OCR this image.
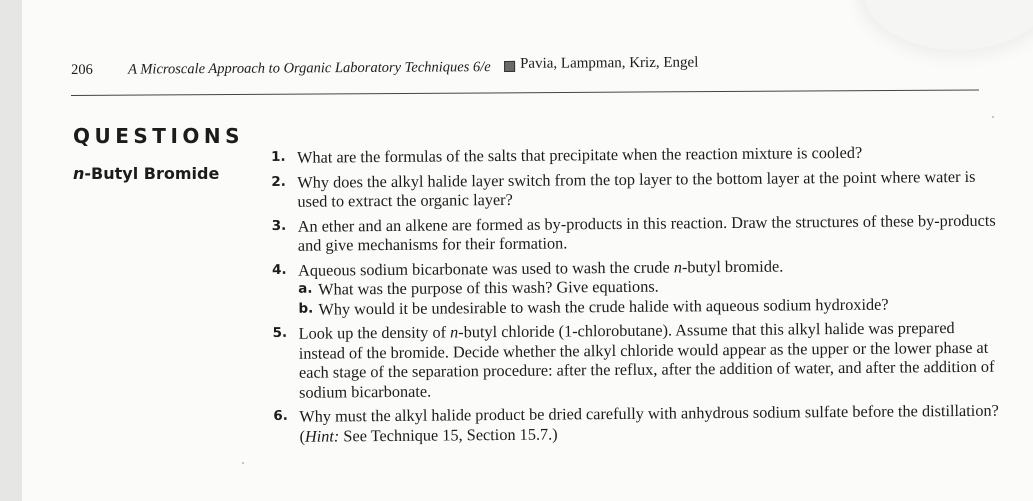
206 A Microscale Approach to Organic Laboratory Techniques 6/e Pavia, Lampman, Kriz, Engel
QUESTIONS
n-Butyl Bromide
1. What are the formulas of the salts that precipitate when the reaction mixture is cooled?
2. Why does the alkyl halide layer switch from the top layer to the bottom layer at the point where water is used to extract the organic layer?
3. An ether and an alkene are formed as by-products in this reaction. Draw the structures of these by-products and give mechanisms for their formation.
4. Aqueous sodium bicarbonate was used to wash the crude n-butyl bromide.
a. What was the purpose of this wash? Give equations.
b. Why would it be undesirable to wash the crude halide with aqueous sodium hydroxide?
5. Look up the density of n-butyl chloride (1-chlorobutane). Assume that this alkyl halide was prepared instead of the bromide. Decide whether the alkyl chloride would appear as the upper or the lower phase at each stage of the separation procedure: after the reflux, after the addition of water, and after the addition of sodium bicarbonate.
6. Why must the alkyl halide product be dried carefully with anhydrous sodium sulfate before the distillation? (Hint: See Technique 15, Section 15.7.)
